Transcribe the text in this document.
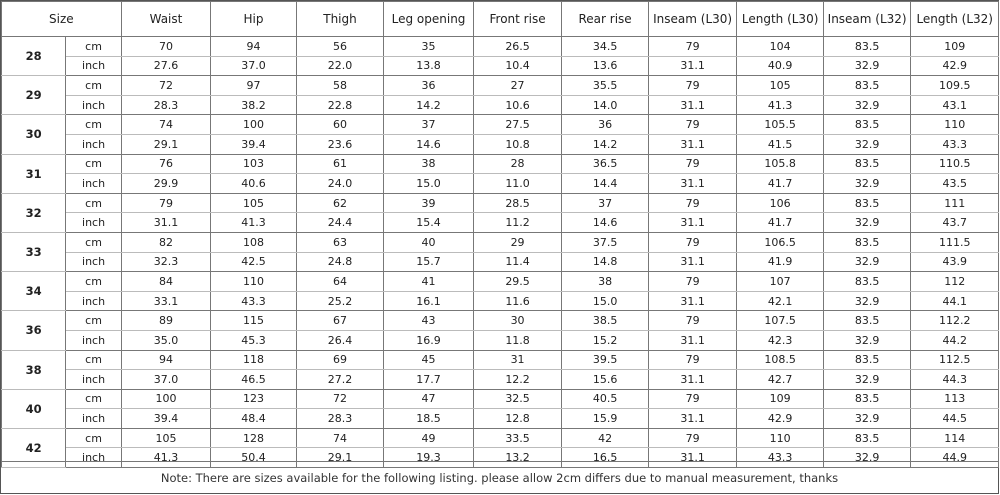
Size		Waist	Hip	Thigh	Leg opening	Front rise	Rear rise	Inseam (L30)	Length (L30)	Inseam (L32)	Length (L32)
28	cm	70	94	56	35	26.5	34.5	79	104	83.5	109
	inch	27.6	37.0	22.0	13.8	10.4	13.6	31.1	40.9	32.9	42.9
29	cm	72	97	58	36	27	35.5	79	105	83.5	109.5
	inch	28.3	38.2	22.8	14.2	10.6	14.0	31.1	41.3	32.9	43.1
30	cm	74	100	60	37	27.5	36	79	105.5	83.5	110
	inch	29.1	39.4	23.6	14.6	10.8	14.2	31.1	41.5	32.9	43.3
31	cm	76	103	61	38	28	36.5	79	105.8	83.5	110.5
	inch	29.9	40.6	24.0	15.0	11.0	14.4	31.1	41.7	32.9	43.5
32	cm	79	105	62	39	28.5	37	79	106	83.5	111
	inch	31.1	41.3	24.4	15.4	11.2	14.6	31.1	41.7	32.9	43.7
33	cm	82	108	63	40	29	37.5	79	106.5	83.5	111.5
	inch	32.3	42.5	24.8	15.7	11.4	14.8	31.1	41.9	32.9	43.9
34	cm	84	110	64	41	29.5	38	79	107	83.5	112
	inch	33.1	43.3	25.2	16.1	11.6	15.0	31.1	42.1	32.9	44.1
36	cm	89	115	67	43	30	38.5	79	107.5	83.5	112.2
	inch	35.0	45.3	26.4	16.9	11.8	15.2	31.1	42.3	32.9	44.2
38	cm	94	118	69	45	31	39.5	79	108.5	83.5	112.5
	inch	37.0	46.5	27.2	17.7	12.2	15.6	31.1	42.7	32.9	44.3
40	cm	100	123	72	47	32.5	40.5	79	109	83.5	113
	inch	39.4	48.4	28.3	18.5	12.8	15.9	31.1	42.9	32.9	44.5
42	cm	105	128	74	49	33.5	42	79	110	83.5	114
	inch	41.3	50.4	29.1	19.3	13.2	16.5	31.1	43.3	32.9	44.9
Note: There are sizes available for the following listing. please allow 2cm differs due to manual measurement, thanks
